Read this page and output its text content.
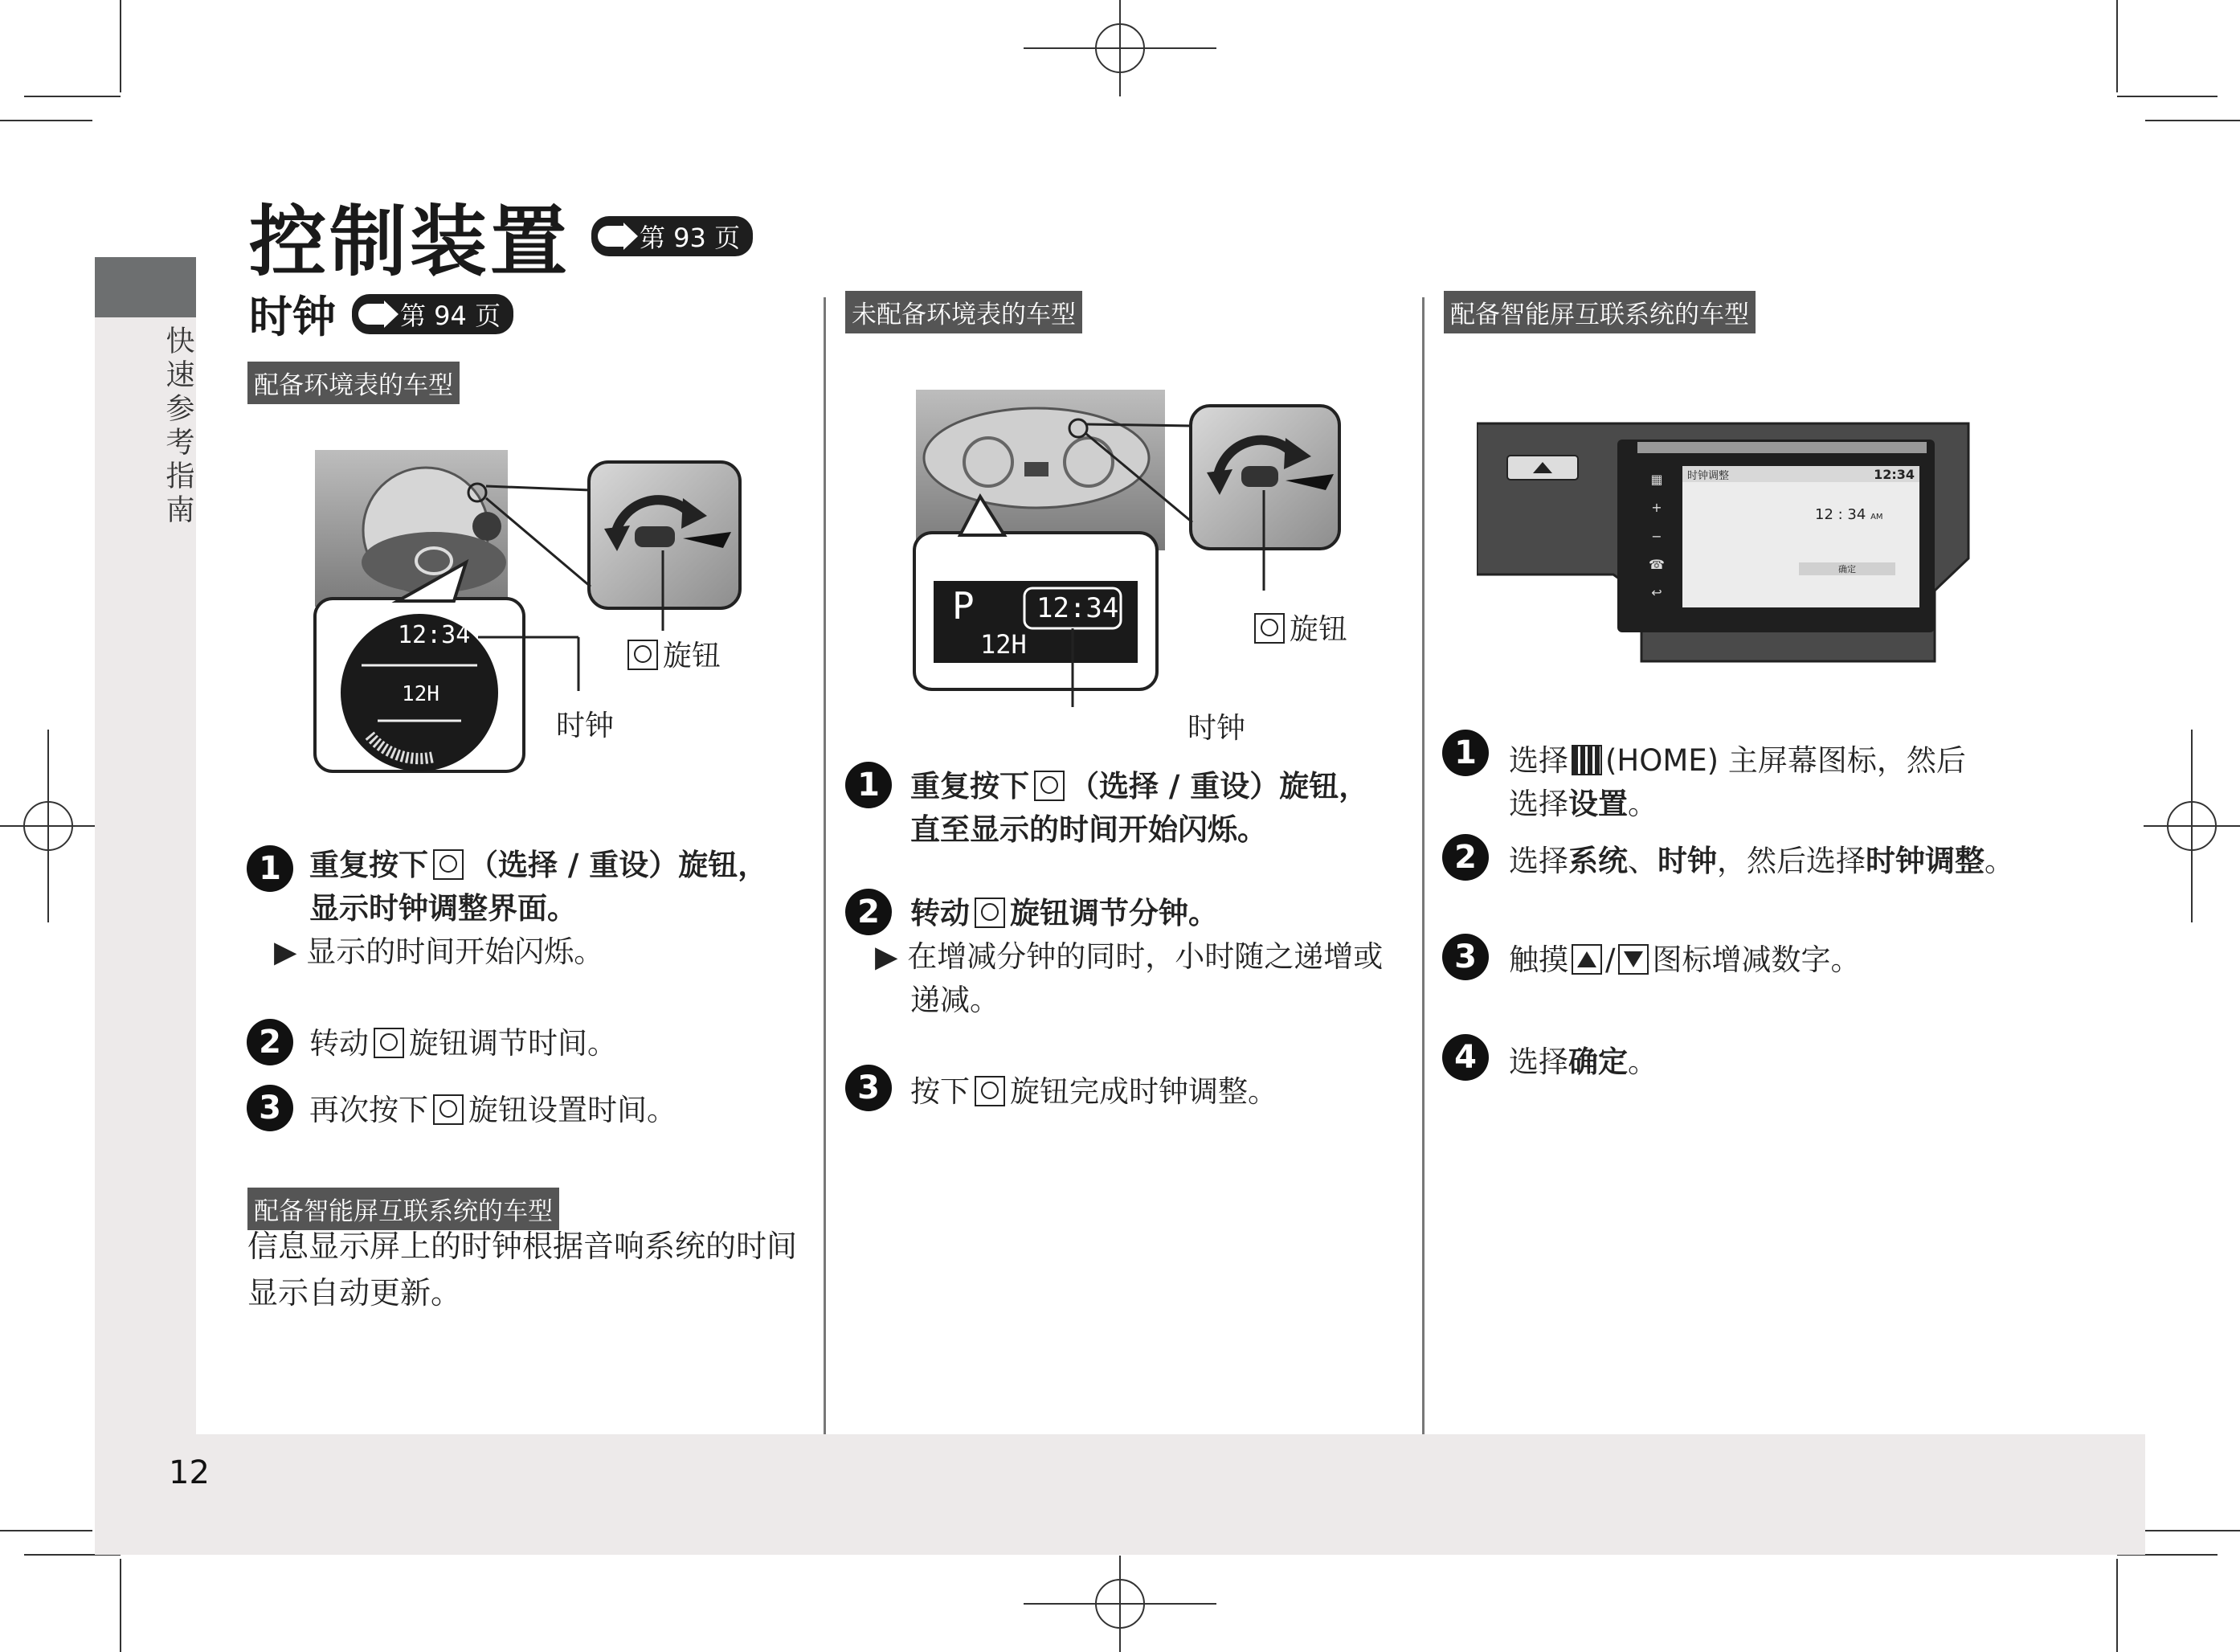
快速参考指南
12
控制装置	第 93 页
时钟	第 94 页
配备环境表的车型
12:34
12H
旋钮
时钟
1 重复按下 （选择 / 重设）旋钮，
显示时钟调整界面。
▶ 显示的时间开始闪烁。
2 转动 旋钮调节时间。
3 再次按下 旋钮设置时间。
配备智能屏互联系统的车型
信息显示屏上的时钟根据音响系统的时间
显示自动更新。
未配备环境表的车型
P 12:34
12H	旋钮
时钟
1	重复按下 （选择 / 重设）旋钮，
直至显示的时间开始闪烁。
2	转动 旋钮调节分钟。
▶ 在增减分钟的同时，小时随之递增或
递减。
3	按下 旋钮完成时钟调整。
配备智能屏互联系统的车型
时钟调整	12:34
12 : 34 AM
确定
▦
+
−
☎
↩
1	选择 (HOME) 主屏幕图标，然后
选择设置。
2	选择系统、时钟，然后选择时钟调整。
3	触摸 / 图标增减数字。
4	选择确定。
